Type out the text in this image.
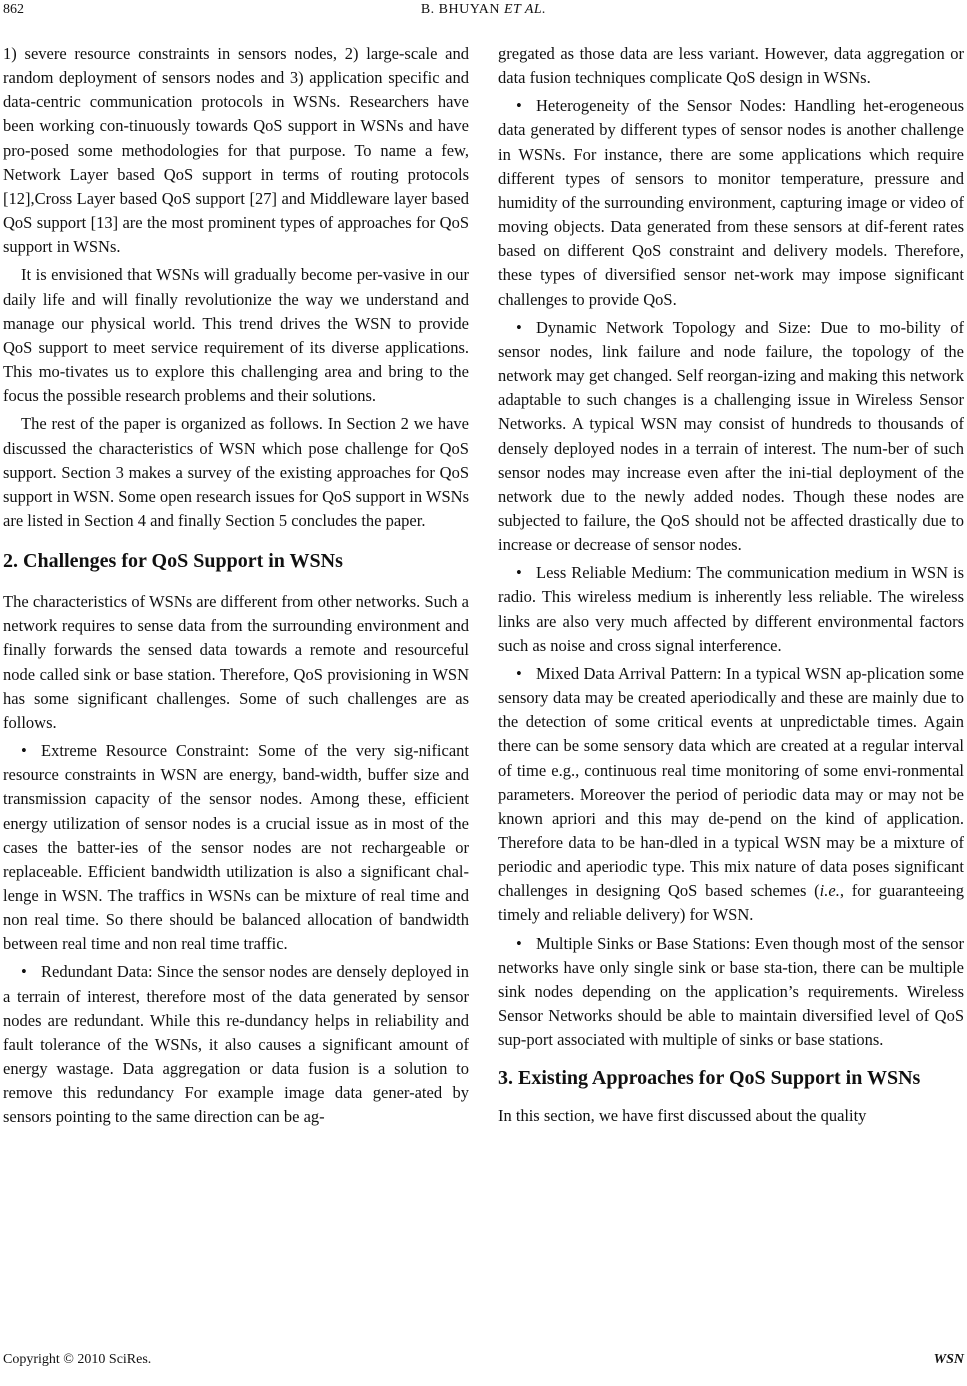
862	B. BHUYAN ET AL.

1) severe resource constraints in sensors nodes, 2) large-scale and random deployment of sensors nodes and 3) application specific and data-centric communication protocols in WSNs. Researchers have been working con-tinuously towards QoS support in WSNs and have pro-posed some methodologies for that purpose. To name a few, Network Layer based QoS support in terms of routing protocols [12],Cross Layer based QoS support [27] and Middleware layer based QoS support [13] are the most prominent types of approaches for QoS support in WSNs.

It is envisioned that WSNs will gradually become per-vasive in our daily life and will finally revolutionize the way we understand and manage our physical world. This trend drives the WSN to provide QoS support to meet service requirement of its diverse applications. This mo-tivates us to explore this challenging area and bring to the focus the possible research problems and their solutions.

The rest of the paper is organized as follows. In Section 2 we have discussed the characteristics of WSN which pose challenge for QoS support. Section 3 makes a survey of the existing approaches for QoS support in WSN. Some open research issues for QoS support in WSNs are listed in Section 4 and finally Section 5 concludes the paper.

2. Challenges for QoS Support in WSNs

The characteristics of WSNs are different from other networks. Such a network requires to sense data from the surrounding environment and finally forwards the sensed data towards a remote and resourceful node called sink or base station. Therefore, QoS provisioning in WSN has some significant challenges. Some of such challenges are as follows.

• Extreme Resource Constraint: Some of the very sig-nificant resource constraints in WSN are energy, band-width, buffer size and transmission capacity of the sensor nodes. Among these, efficient energy utilization of sensor nodes is a crucial issue as in most of the cases the batter-ies of the sensor nodes are not rechargeable or replaceable. Efficient bandwidth utilization is also a significant chal-lenge in WSN. The traffics in WSNs can be mixture of real time and non real time. So there should be balanced allocation of bandwidth between real time and non real time traffic.

• Redundant Data: Since the sensor nodes are densely deployed in a terrain of interest, therefore most of the data generated by sensor nodes are redundant. While this re-dundancy helps in reliability and fault tolerance of the WSNs, it also causes a significant amount of energy wastage. Data aggregation or data fusion is a solution to remove this redundancy For example image data gener-ated by sensors pointing to the same direction can be ag-

gregated as those data are less variant. However, data aggregation or data fusion techniques complicate QoS design in WSNs.

• Heterogeneity of the Sensor Nodes: Handling het-erogeneous data generated by different types of sensor nodes is another challenge in WSNs. For instance, there are some applications which require different types of sensors to monitor temperature, pressure and humidity of the surrounding environment, capturing image or video of moving objects. Data generated from these sensors at dif-ferent rates based on different QoS constraint and delivery models. Therefore, these types of diversified sensor net-work may impose significant challenges to provide QoS.

• Dynamic Network Topology and Size: Due to mo-bility of sensor nodes, link failure and node failure, the topology of the network may get changed. Self reorgan-izing and making this network adaptable to such changes is a challenging issue in Wireless Sensor Networks. A typical WSN may consist of hundreds to thousands of densely deployed nodes in a terrain of interest. The num-ber of such sensor nodes may increase even after the ini-tial deployment of the network due to the newly added nodes. Though these nodes are subjected to failure, the QoS should not be affected drastically due to increase or decrease of sensor nodes.

• Less Reliable Medium: The communication medium in WSN is radio. This wireless medium is inherently less reliable. The wireless links are also very much affected by different environmental factors such as noise and cross signal interference.

• Mixed Data Arrival Pattern: In a typical WSN ap-plication some sensory data may be created aperiodically and these are mainly due to the detection of some critical events at unpredictable times. Again there can be some sensory data which are created at a regular interval of time e.g., continuous real time monitoring of some envi-ronmental parameters. Moreover the period of periodic data may or may not be known apriori and this may de-pend on the kind of application. Therefore data to be han-dled in a typical WSN may be a mixture of periodic and aperiodic type. This mix nature of data poses significant challenges in designing QoS based schemes (i.e., for guaranteeing timely and reliable delivery) for WSN.

• Multiple Sinks or Base Stations: Even though most of the sensor networks have only single sink or base sta-tion, there can be multiple sink nodes depending on the application’s requirements. Wireless Sensor Networks should be able to maintain diversified level of QoS sup-port associated with multiple of sinks or base stations.

3. Existing Approaches for QoS Support in WSNs

In this section, we have first discussed about the quality

Copyright © 2010 SciRes.	WSN
